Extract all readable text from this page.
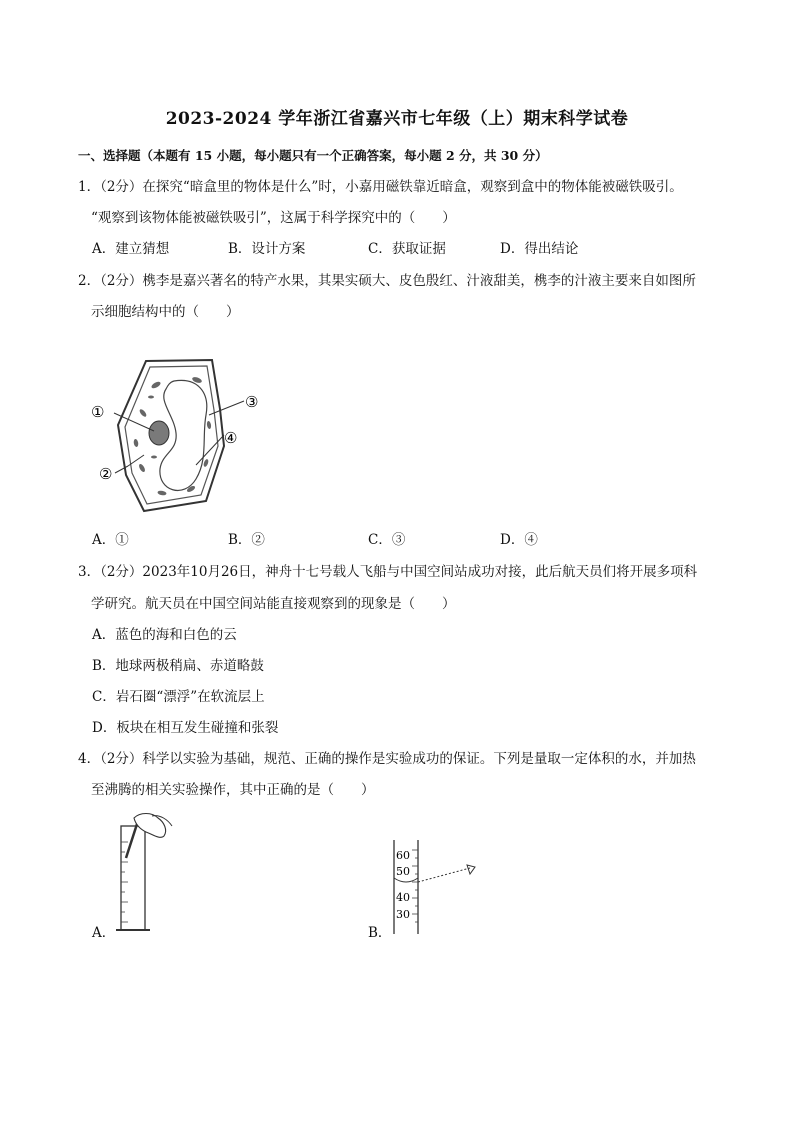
2023-2024 学年浙江省嘉兴市七年级（上）期末科学试卷
一、选择题（本题有 15 小题，每小题只有一个正确答案，每小题 2 分，共 30 分）
1．（2分）在探究“暗盒里的物体是什么”时，小嘉用磁铁靠近暗盒，观察到盒中的物体能被磁铁吸引。
“观察到该物体能被磁铁吸引”，这属于科学探究中的（　　）
A．建立猜想	B．设计方案	C．获取证据	D．得出结论
2．（2分）槜李是嘉兴著名的特产水果，其果实硕大、皮色殷红、汁液甜美，槜李的汁液主要来自如图所
示细胞结构中的（　　）
①
②
③
④
A．①	B．②	C．③	D．④
3．（2分）2023年10月26日，神舟十七号载人飞船与中国空间站成功对接，此后航天员们将开展多项科
学研究。航天员在中国空间站能直接观察到的现象是（　　）
A．蓝色的海和白色的云
B．地球两极稍扁、赤道略鼓
C．岩石圈“漂浮”在软流层上
D．板块在相互发生碰撞和张裂
4．（2分）科学以实验为基础，规范、正确的操作是实验成功的保证。下列是量取一定体积的水，并加热
至沸腾的相关实验操作，其中正确的是（　　）
A．
60
50
40
30
B．
